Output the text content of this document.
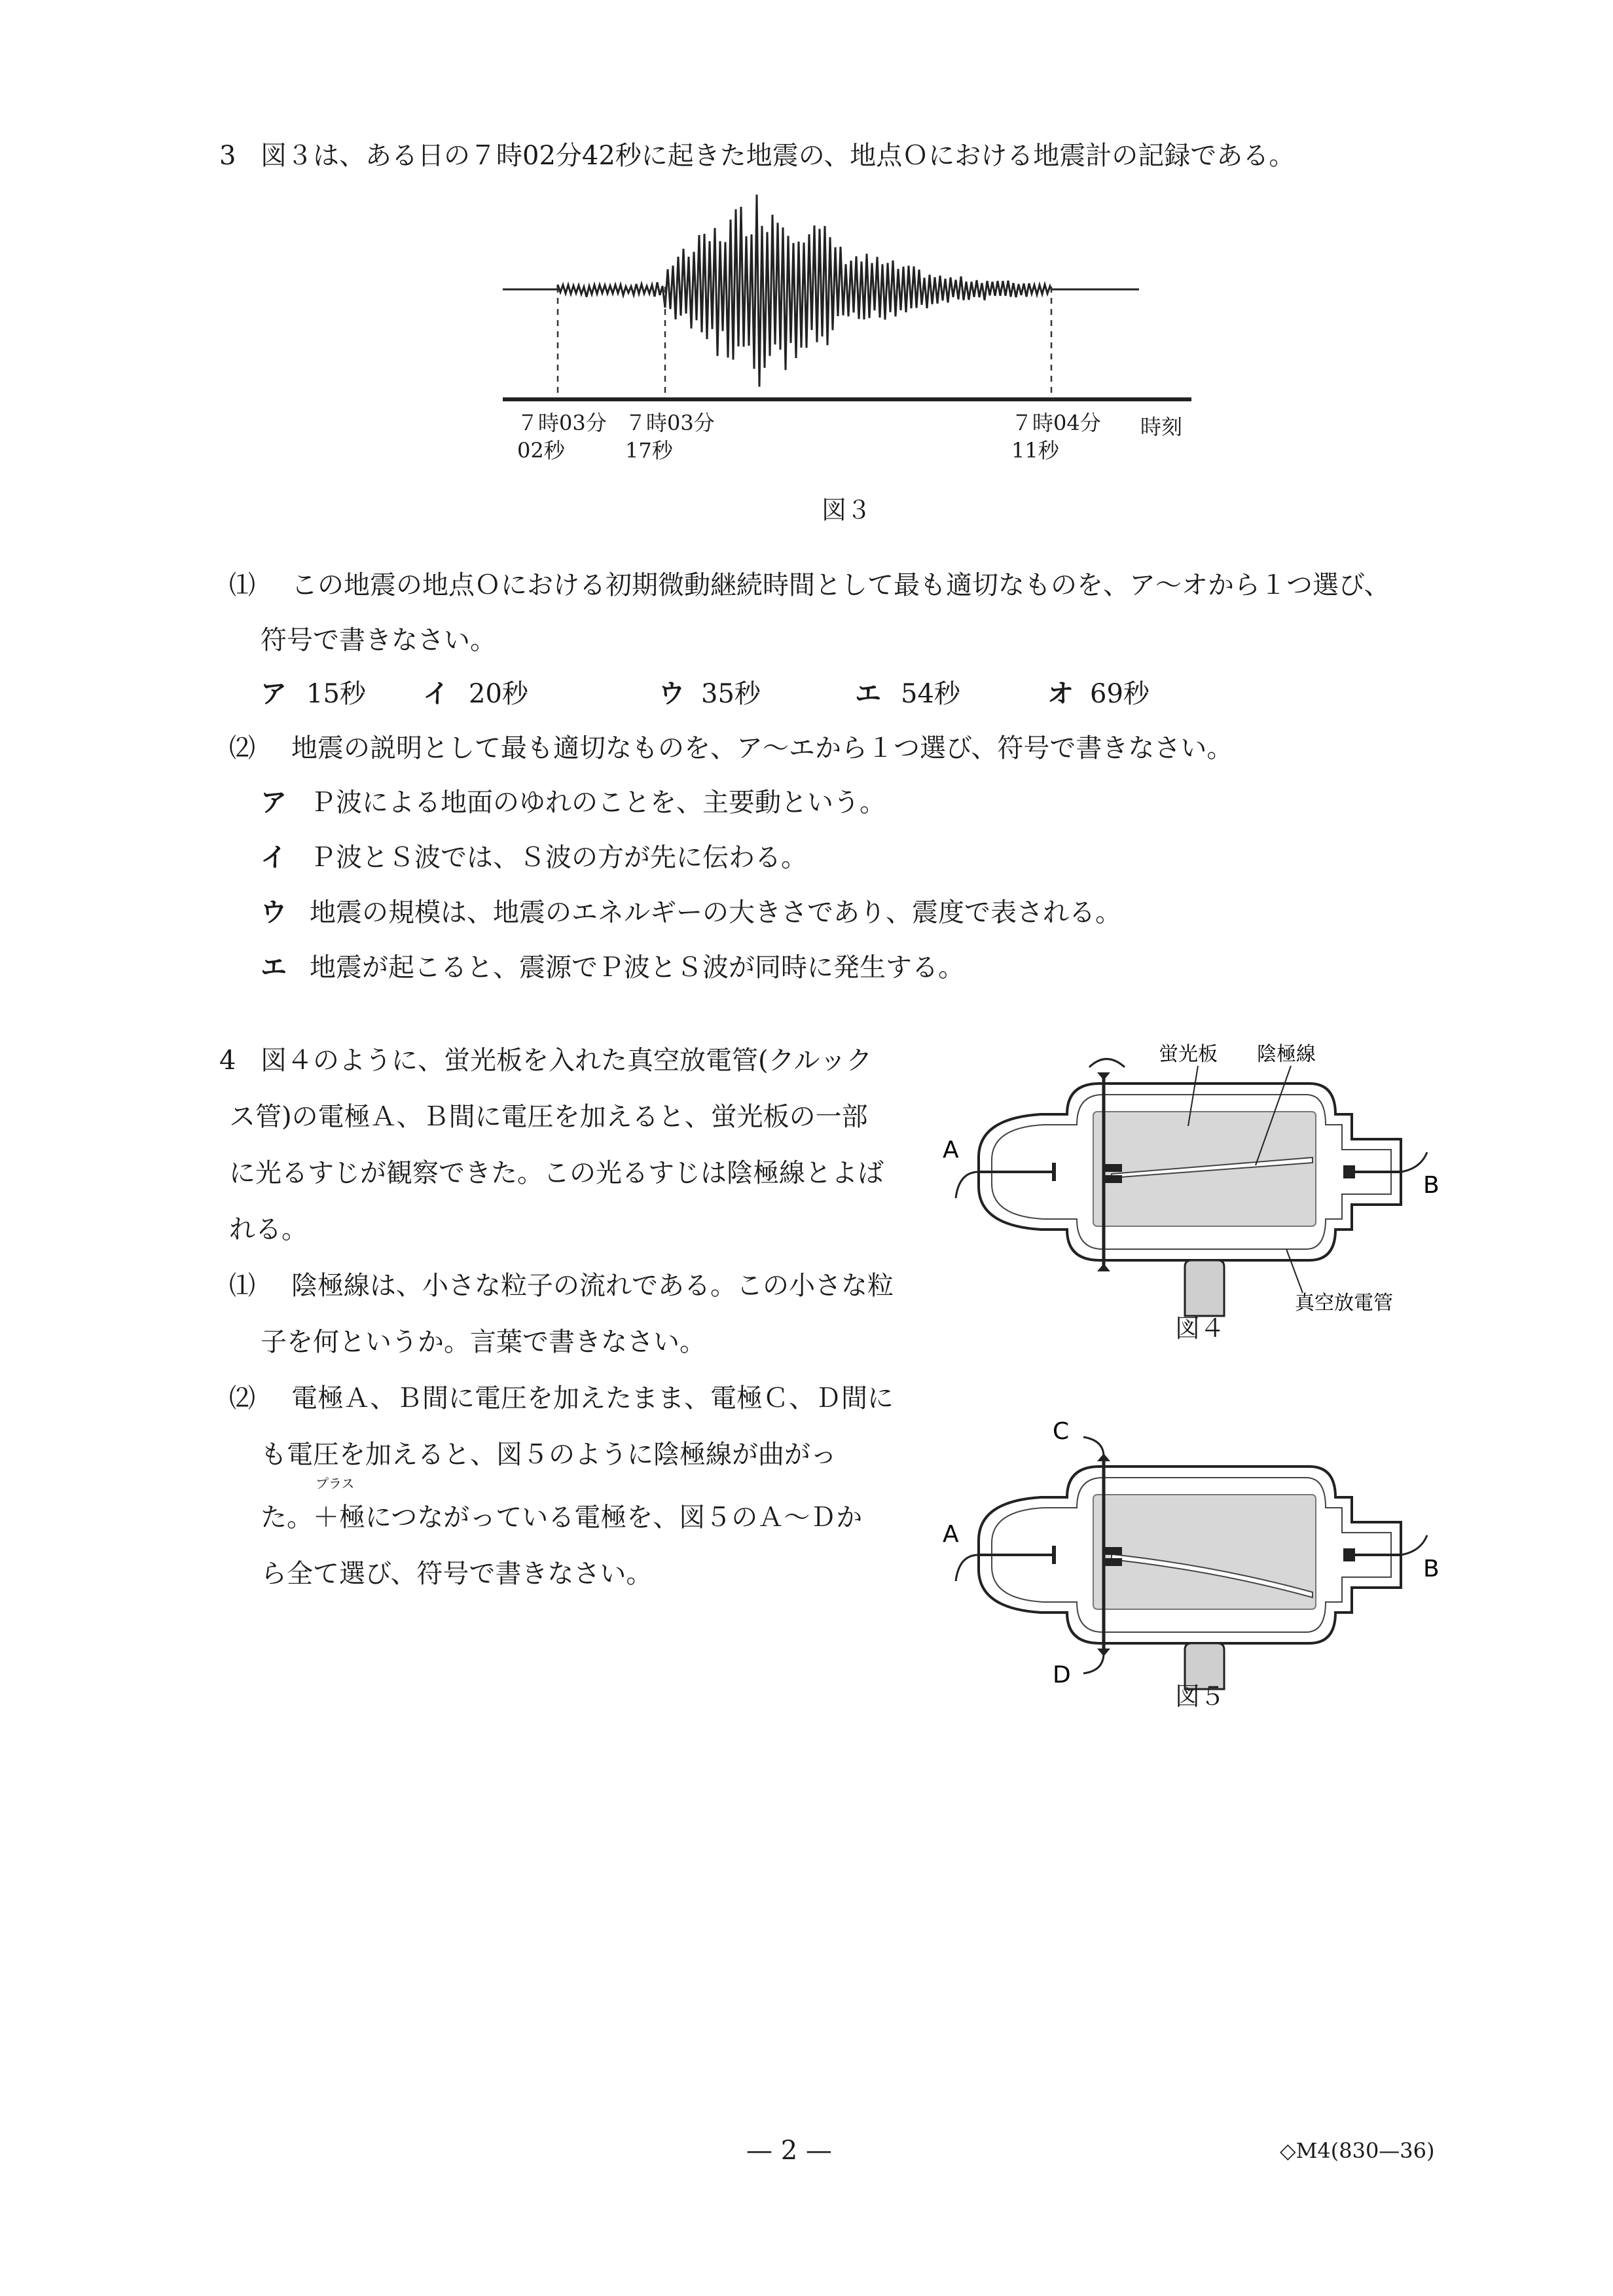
3 図３は、ある日の７時02分42秒に起きた地震の、地点Ｏにおける地震計の記録である。
７時03分
02秒
７時03分
17秒
７時04分
11秒
時刻
図３
⑴ この地震の地点Ｏにおける初期微動継続時間として最も適切なものを、ア～オから１つ選び、
符号で書きなさい。
ア 15秒 イ 20秒	ウ 35秒	エ 54秒	オ 69秒
⑵ 地震の説明として最も適切なものを、ア～エから１つ選び、符号で書きなさい。
ア Ｐ波による地面のゆれのことを、主要動という。
イ Ｐ波とＳ波では、Ｓ波の方が先に伝わる。
ウ 地震の規模は、地震のエネルギーの大きさであり、震度で表される。
エ 地震が起こると、震源でＰ波とＳ波が同時に発生する。
4 図４のように、蛍光板を入れた真空放電管(クルック
ス管)の電極Ａ、Ｂ間に電圧を加えると、蛍光板の一部
に光るすじが観察できた。この光るすじは陰極線とよば
れる。
⑴ 陰極線は、小さな粒子の流れである。この小さな粒
子を何というか。言葉で書きなさい。
⑵ 電極Ａ、Ｂ間に電圧を加えたまま、電極Ｃ、Ｄ間に
も電圧を加えると、図５のように陰極線が曲がっ
た。＋極につながっている電極を、図５のＡ～Ｄか
ら全て選び、符号で書きなさい。
プラス
蛍光板 陰極線
真空放電管
A
B
図４
C
D
A
B
図５
— 2 —	◇M4(830—36)
